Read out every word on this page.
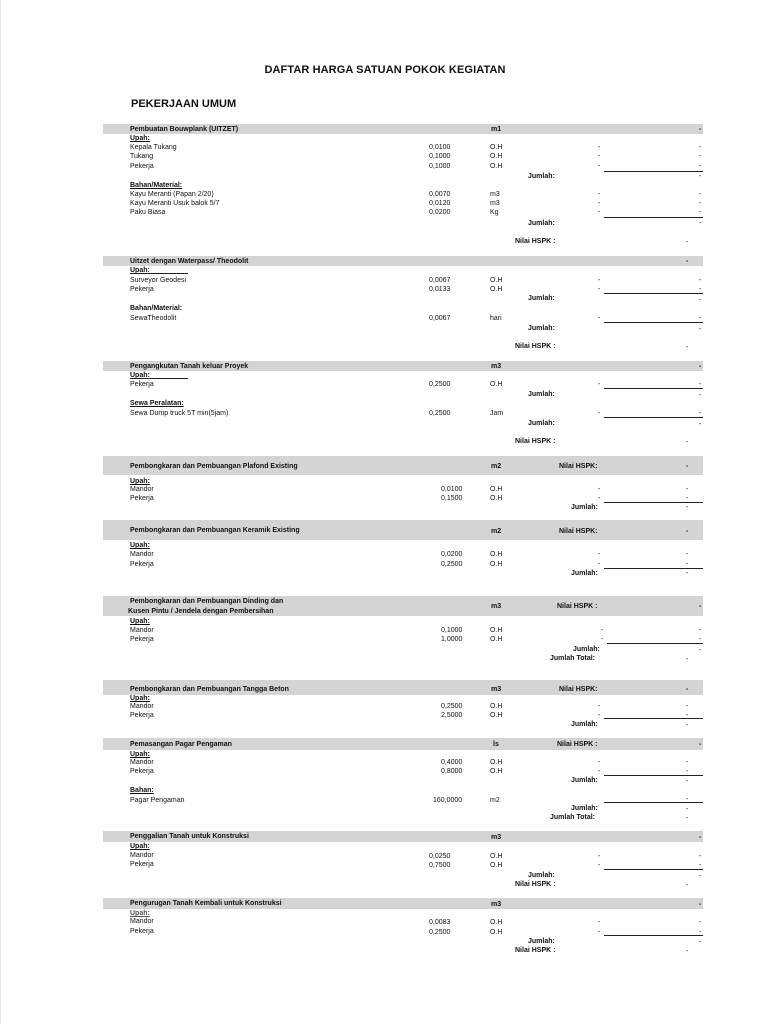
DAFTAR HARGA SATUAN POKOK KEGIATAN
PEKERJAAN UMUM
Pembuatan Bouwplank (UITZET)	m1	-
Upah:
Kepala Tukang	0,0100	O.H	-	-
Tukang	0,1000	O.H	-	-
Pekerja	0,1000	O.H	-	-
Jumlah:	-
Bahan/Material:
Kayu Meranti (Papan 2/20)	0,0070	m3	-	-
Kayu Meranti Usuk balok 5/7	0,0120	m3	-	-
Paku Biasa	0,0200	Kg	-	-
Jumlah:	-
Nilai HSPK :	-
Uitzet dengan Waterpass/ Theodolit	-
Upah:
Surveyor Geodesi	0,0067	O.H	-	-
Pekerja	0,0133	O.H	-	-
Jumlah:	-
Bahan/Material:
SewaTheodolit	0,0067	hari	-	-
Jumlah:	-
Nilai HSPK :	-
Pengangkutan Tanah keluar Proyek	m3	-
Upah:
Pekerja	0,2500	O.H	-	-
Jumlah:	-
Sewa Peralatan:
Sewa Dump truck 5T min(5jam)	0,2500	Jam	-	-
Jumlah:	-
Nilai HSPK :	-
Pembongkaran dan Pembuangan Plafond Existing	m2	Nilai HSPK:	-
Upah:
Mandor	0,0100	O.H	-	-
Pekerja	0,1500	O.H	-	-
Jumlah:	-
Pembongkaran dan Pembuangan Keramik Existing	m2	Nilai HSPK:	-
Upah:
Mandor	0,0200	O.H	-	-
Pekerja	0,2500	O.H	-	-
Jumlah:	-
Pembongkaran dan Pembuangan Dinding dan
Kusen Pintu / Jendela dengan Pembersihan
m3	Nilai HSPK :	-
Upah:
Mandor	0,1000	O.H	-	-
Pekerja	1,0000	O.H	-	-
Jumlah:	-
Jumlah Total:	-
Pembongkaran dan Pembuangan Tangga Beton	m3	Nilai HSPK:	-
Upah:
Mandor	0,2500	O.H	-	-
Pekerja	2,5000	O.H	-	-
Jumlah:	-
Pemasangan Pagar Pengaman	ls	Nilai HSPK :	-
Upah:
Mandor	0,4000	O.H	-	-
Pekerja	0,8000	O.H	-	-
Jumlah:	-
Bahan:
Pagar Pengaman	160,0000	m2	-
Jumlah:	-
Jumlah Total:	-
Penggalian Tanah untuk Konstruksi	m3	-
Upah:
Mandor	0,0250	O.H	-	-
Pekerja	0,7500	O.H	-	-
Jumlah:	-
Nilai HSPK :	-
Pengurugan Tanah Kembali untuk Konstruksi	m3	-
Upah:
Mandor	0,0083	O.H	-	-
Pekerja	0,2500	O.H	-	-
Jumlah:	-
Nilai HSPK :	-
